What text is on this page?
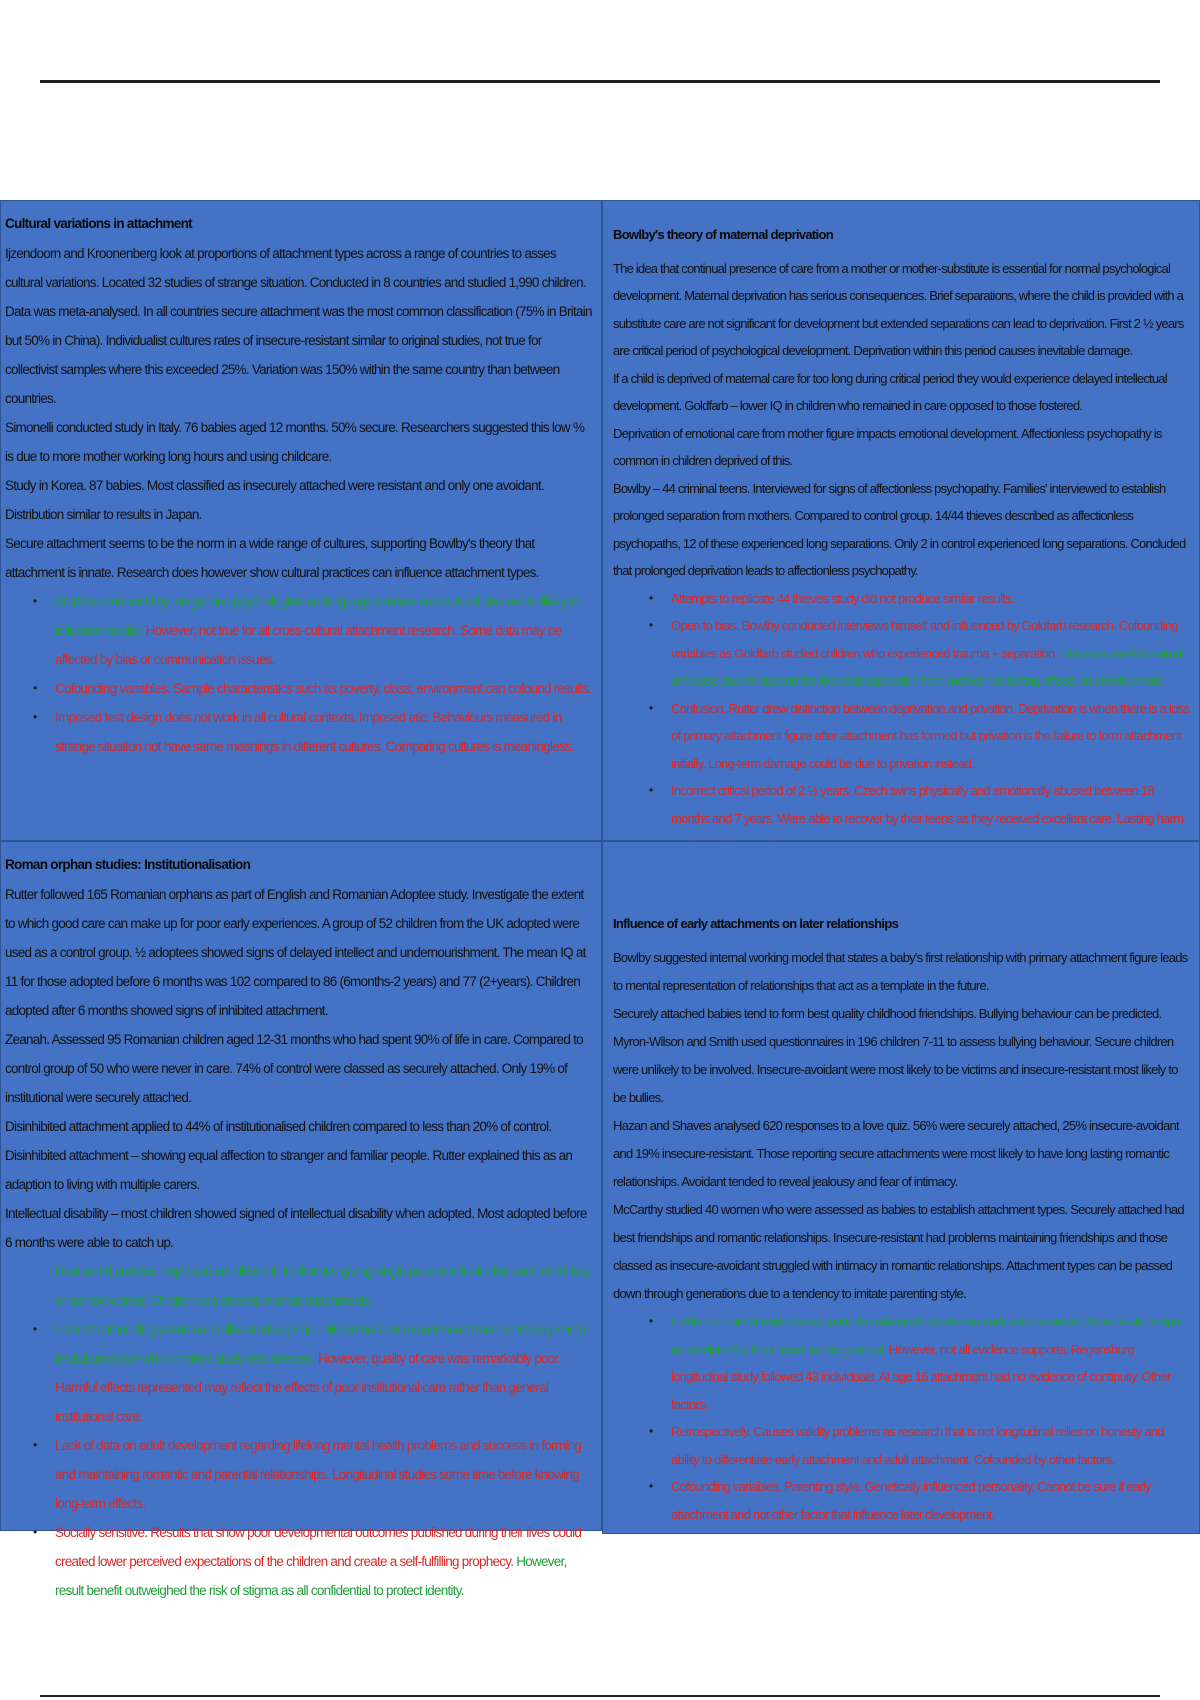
Cultural variations in attachment

Ijzendoorn and Kroonenberg look at proportions of attachment types across a range of countries to asses cultural variations. Located 32 studies of strange situation. Conducted in 8 countries and studied 1,990 children. Data was meta-analysed. In all countries secure attachment was the most common classification (75% in Britain but 50% in China). Individualist cultures rates of insecure-resistant similar to original studies, not true for collectivist samples where this exceeded 25%. Variation was 150% within the same country than between countries.

Simonelli conducted study in Italy. 76 babies aged 12 months. 50% secure. Researchers suggested this low % is due to more mother working long hours and using childcare.

Study in Korea. 87 babies. Most classified as insecurely attached were resistant and only one avoidant. Distribution similar to results in Japan.

Secure attachment seems to be the norm in a wide range of cultures, supporting Bowlby's theory that attachment is innate. Research does however show cultural practices can influence attachment types.

• Studies conducted by indigenous psychologists so language barriers and cultural bias are unlikely to influence validity. However, not true for all cross-cultural attachment research. Some data may be affected by bias or communication issues.
• Cofounding variables. Sample characteristics such as poverty, class, environment can cofound results.
• Imposed test design does not work in all cultural contexts. Imposed etic. Behaviours measured in strange situation not have same meanings in different cultures. Comparing cultures is meaningless.
Bowlby's theory of maternal deprivation

The idea that continual presence of care from a mother or mother-substitute is essential for normal psychological development. Maternal deprivation has serious consequences. Brief separations, where the child is provided with a substitute care are not significant for development but extended separations can lead to deprivation. First 2 ½ years are critical period of psychological development. Deprivation within this period causes inevitable damage.

If a child is deprived of maternal care for too long during critical period they would experience delayed intellectual development. Goldfarb – lower IQ in children who remained in care opposed to those fostered.

Deprivation of emotional care from mother figure impacts emotional development. Affectionless psychopathy is common in children deprived of this.

Bowlby – 44 criminal teens. Interviewed for signs of affectionless psychopathy. Families' interviewed to establish prolonged separation from mothers. Compared to control group. 14/44 thieves described as affectionless psychopaths, 12 of these experienced long separations. Only 2 in control experienced long separations. Concluded that prolonged deprivation leads to affectionless psychopathy.

• Attempts to replicate 44 thieves study did not produce similar results.
• Open to bias. Bowlby conducted interviews himself and influenced by Goldfarb research. Cofounding variables as Goldfarb studied children who experienced trauma + separation. However, real-life animal and case studies support the idea that separation from mother has lasting effects on development.
• Confusion. Rutter drew distinction between deprivation and privation. Deprivation is when there is a loss of primary attachment figure after attachment has formed but privation is the failure to form attachment initially. Long-term damage could be due to privation instead.
• Incorrect critical period of 2 ½ years. Czech twins physically and emotionally abused between 18 months and 7 years. Were able to recover by their teens as they received excellent care. Lasting harm
Roman orphan studies: Institutionalisation

Rutter followed 165 Romanian orphans as part of English and Romanian Adoptee study. Investigate the extent to which good care can make up for poor early experiences. A group of 52 children from the UK adopted were used as a control group. ½ adoptees showed signs of delayed intellect and undernourishment. The mean IQ at 11 for those adopted before 6 months was 102 compared to 86 (6months-2 years) and 77 (2+years). Children adopted after 6 months showed signs of inhibited attachment.

Zeanah. Assessed 95 Romanian children aged 12-31 months who had spent 90% of life in care. Compared to control group of 50 who were never in care. 74% of control were classed as securely attached. Only 19% of institutional were securely attached.

Disinhibited attachment applied to 44% of institutionalised children compared to less than 20% of control.

Disinhibited attachment – showing equal affection to stranger and familiar people. Rutter explained this as an adaption to living with multiple carers.

Intellectual disability – most children showed signed of intellectual disability when adopted. Most adopted before 6 months were able to catch up.

Real world practice. Improved conditions in institutions giving single person to look after each child, key or named worker. Children can develop normal attachments.
• Lack of cofounding variables. Unlike studies prior, children had not experienced trauma or loss prior to institutional care which makes study less affected. However, quality of care was remarkably poor. Harmful effects represented may reflect the effects of poor institutional care rather than general institutional care.
• Lack of data on adult development regarding lifelong mental health problems and success in forming and maintaining romantic and parental relationships. Longitudinal studies some time before knowing long-term effects.
• Socially sensitive. Results that show poor developmental outcomes published during their lives could created lower perceived expectations of the children and create a self-fulfilling prophecy. However, result benefit outweighed the risk of stigma as all confidential to protect identity.
Influence of early attachments on later relationships

Bowlby suggested internal working model that states a baby's first relationship with primary attachment figure leads to mental representation of relationships that act as a template in the future.

Securely attached babies tend to form best quality childhood friendships. Bullying behaviour can be predicted. Myron-Wilson and Smith used questionnaires in 196 children 7-11 to assess bullying behaviour. Secure children were unlikely to be involved. Insecure-avoidant were most likely to be victims and insecure-resistant most likely to be bullies.

Hazan and Shaves analysed 620 responses to a love quiz. 56% were securely attached, 25% insecure-avoidant and 19% insecure-resistant. Those reporting secure attachments were most likely to have long lasting romantic relationships. Avoidant tended to reveal jealousy and fear of intimacy.

McCarthy studied 40 women who were assessed as babies to establish attachment types. Securely attached had best friendships and romantic relationships. Insecure-resistant had problems maintaining friendships and those classed as insecure-avoidant struggled with intimacy in romantic relationships. Attachment types can be passed down through generations due to a tendency to imitate parenting style.

• Evidence. Lots of evidence supports the relationship between early attachment and later relationships as predicted by the internal working model. However, not all evidence supports. Regensburg longitudinal study followed 43 individuals. At age 16 attachment had no evidence of continuity. Other factors.
• Retrospectively. Causes validity problems as research that is not longitudinal relies on honesty and ability to differentiate early attachment and adult attachment. Cofounded by other factors.
• Cofounding variables. Parenting style. Genetically influenced personality. Cannot be sure if early attachment and not other factor that influence later development.
